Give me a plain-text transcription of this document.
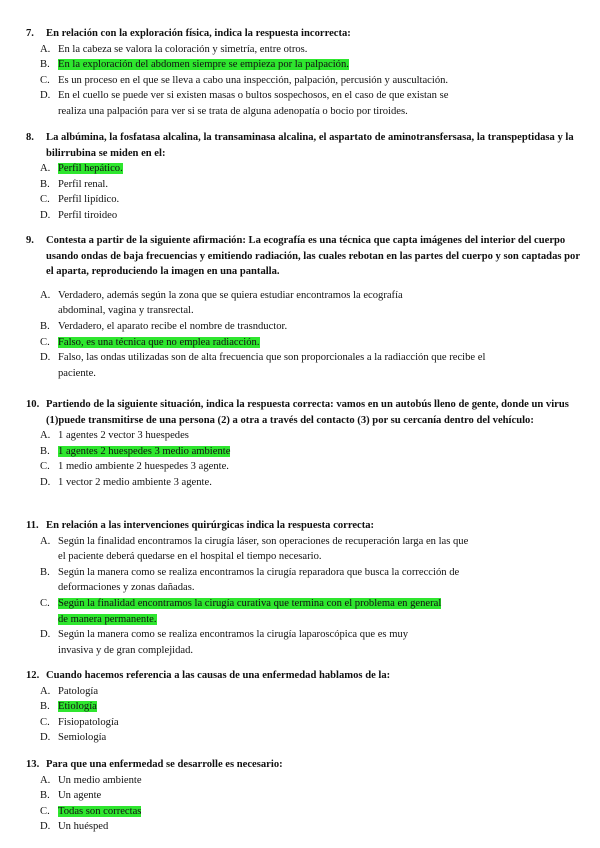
7.	En relación con la exploración física, indica la respuesta incorrecta:
A. En la cabeza se valora la coloración y simetría, entre otros.
B. En la exploración del abdomen siempre se empieza por la palpación.
C. Es un proceso en el que se lleva a cabo una inspección, palpación, percusión y auscultación.
D. En el cuello se puede ver si existen masas o bultos sospechosos, en el caso de que existan se
realiza una palpación para ver si se trata de alguna adenopatía o bocio por tiroides.
8.	La albúmina, la fosfatasa alcalina, la transaminasa alcalina, el aspartato de aminotransfersasa, la transpeptidasa y la bilirrubina se miden en el:
A. Perfil hepático.
B. Perfil renal.
C. Perfil lipídico.
D. Perfil tiroideo
9.	Contesta a partir de la siguiente afirmación: La ecografía es una técnica que capta imágenes del interior del cuerpo usando ondas de baja frecuencias y emitiendo radiación, las cuales rebotan en las partes del cuerpo y son captadas por el aparta, reproduciendo la imagen en una pantalla.
A. Verdadero, además según la zona que se quiera estudiar encontramos la ecografía
abdominal, vagina y transrectal.
B. Verdadero, el aparato recibe el nombre de trasnductor.
C. Falso, es una técnica que no emplea radiacción.
D. Falso, las ondas utilizadas son de alta frecuencia que son proporcionales a la radiacción que recibe el
paciente.
10. Partiendo de la siguiente situación, indica la respuesta correcta: vamos en un autobús lleno de gente, donde un virus (1)puede transmitirse de una persona (2) a otra a través del contacto (3) por su cercanía dentro del vehículo:
A. 1 agentes 2 vector 3 huespedes
B. 1 agentes 2 huespedes 3 medio ambiente
C. 1 medio ambiente 2 huespedes 3 agente.
D. 1 vector 2 medio ambiente 3 agente.
11. En relación a las intervenciones quirúrgicas indica la respuesta correcta:
A. Según la finalidad encontramos la cirugía láser, son operaciones de recuperación larga en las que
el paciente deberá quedarse en el hospital el tiempo necesario.
B. Según la manera como se realiza encontramos la cirugía reparadora que busca la corrección de
deformaciones y zonas dañadas.
C. Según la finalidad encontramos la cirugía curativa que termina con el problema en general
de manera permanente.
D. Según la manera como se realiza encontramos la cirugía laparoscópica que es muy
invasiva y de gran complejidad.
12. Cuando hacemos referencia a las causas de una enfermedad hablamos de la:
A. Patología
B. Etiología
C. Fisiopatología
D. Semiología
13. Para que una enfermedad se desarrolle es necesario:
A. Un medio ambiente
B. Un agente
C. Todas son correctas
D. Un huésped
